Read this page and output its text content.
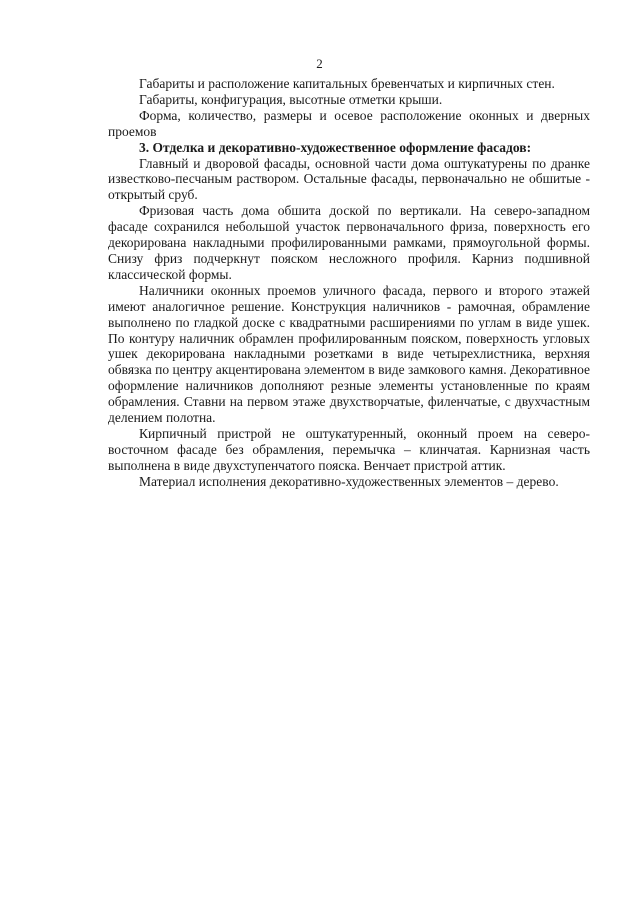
2

Габариты и расположение капитальных бревенчатых и кирпичных стен.

Габариты, конфигурация, высотные отметки крыши.

Форма, количество, размеры и осевое расположение оконных и дверных проемов

3. Отделка и декоративно-художественное оформление фасадов:

Главный и дворовой фасады, основной части дома оштукатурены по дранке известково-песчаным раствором. Остальные фасады, первоначально не обшитые - открытый сруб.

Фризовая часть дома обшита доской по вертикали. На северо-западном фасаде сохранился небольшой участок первоначального фриза, поверхность его декорирована накладными профилированными рамками, прямоугольной формы. Снизу фриз подчеркнут пояском несложного профиля. Карниз подшивной классической формы.

Наличники оконных проемов уличного фасада, первого и второго этажей имеют аналогичное решение. Конструкция наличников - рамочная, обрамление выполнено по гладкой доске с квадратными расширениями по углам в виде ушек. По контуру наличник обрамлен профилированным пояском, поверхность угловых ушек декорирована накладными розетками в виде четырехлистника, верхняя обвязка по центру акцентирована элементом в виде замкового камня. Декоративное оформление наличников дополняют резные элементы установленные по краям обрамления. Ставни на первом этаже двухстворчатые, филенчатые, с двухчастным делением полотна.

Кирпичный пристрой не оштукатуренный, оконный проем на северо-восточном фасаде без обрамления, перемычка – клинчатая. Карнизная часть выполнена в виде двухступенчатого пояска. Венчает пристрой аттик.

Материал исполнения декоративно-художественных элементов – дерево.
